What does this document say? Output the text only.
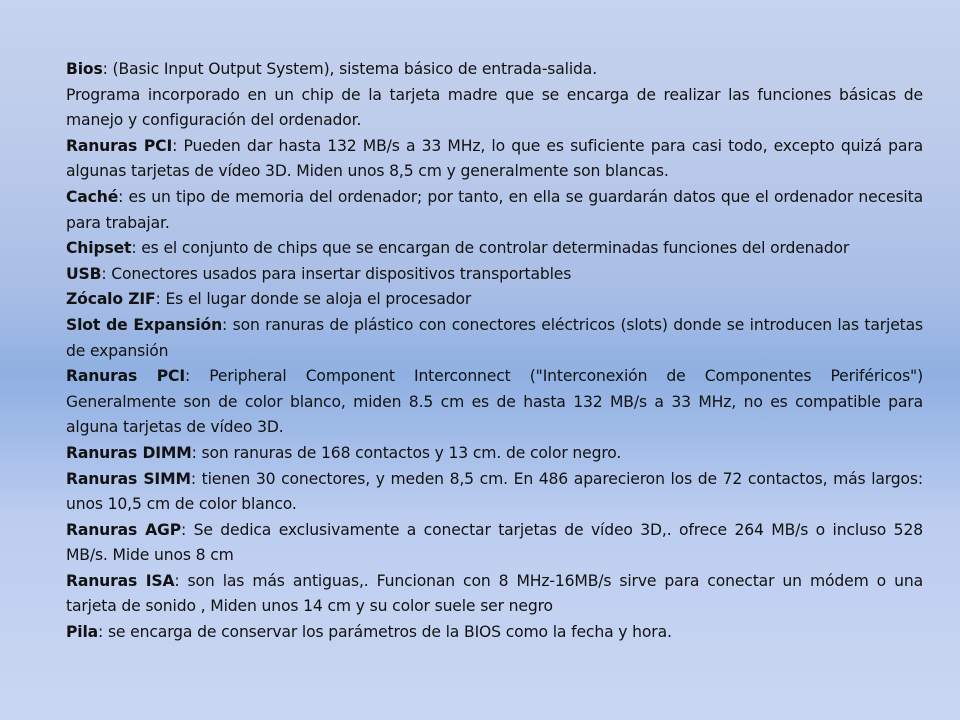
Bios: (Basic Input Output System), sistema básico de entrada-salida.

Programa incorporado en un chip de la tarjeta madre que se encarga de realizar las funciones básicas de manejo y configuración del ordenador.

Ranuras PCI: Pueden dar hasta 132 MB/s a 33 MHz, lo que es suficiente para casi todo, excepto quizá para algunas tarjetas de vídeo 3D. Miden unos 8,5 cm y generalmente son blancas.

Caché: es un tipo de memoria del ordenador; por tanto, en ella se guardarán datos que el ordenador necesita para trabajar.

Chipset: es el conjunto de chips que se encargan de controlar determinadas funciones del ordenador

USB: Conectores usados para insertar dispositivos transportables

Zócalo ZIF: Es el lugar donde se aloja el procesador

Slot de Expansión: son ranuras de plástico con conectores eléctricos (slots) donde se introducen las tarjetas de expansión

Ranuras PCI: Peripheral Component Interconnect ("Interconexión de Componentes Periféricos") Generalmente son de color blanco, miden 8.5 cm es de hasta 132 MB/s a 33 MHz, no es compatible para alguna tarjetas de vídeo 3D.

Ranuras DIMM: son ranuras de 168 contactos y 13 cm. de color negro.

Ranuras SIMM: tienen 30 conectores, y meden 8,5 cm. En 486 aparecieron los de 72 contactos, más largos: unos 10,5 cm de color blanco.

Ranuras AGP: Se dedica exclusivamente a conectar tarjetas de vídeo 3D,. ofrece 264 MB/s o incluso 528 MB/s. Mide unos 8 cm

Ranuras ISA: son las más antiguas,. Funcionan con 8 MHz-16MB/s sirve para conectar un módem o una tarjeta de sonido , Miden unos 14 cm y su color suele ser negro

Pila: se encarga de conservar los parámetros de la BIOS como la fecha y hora.
